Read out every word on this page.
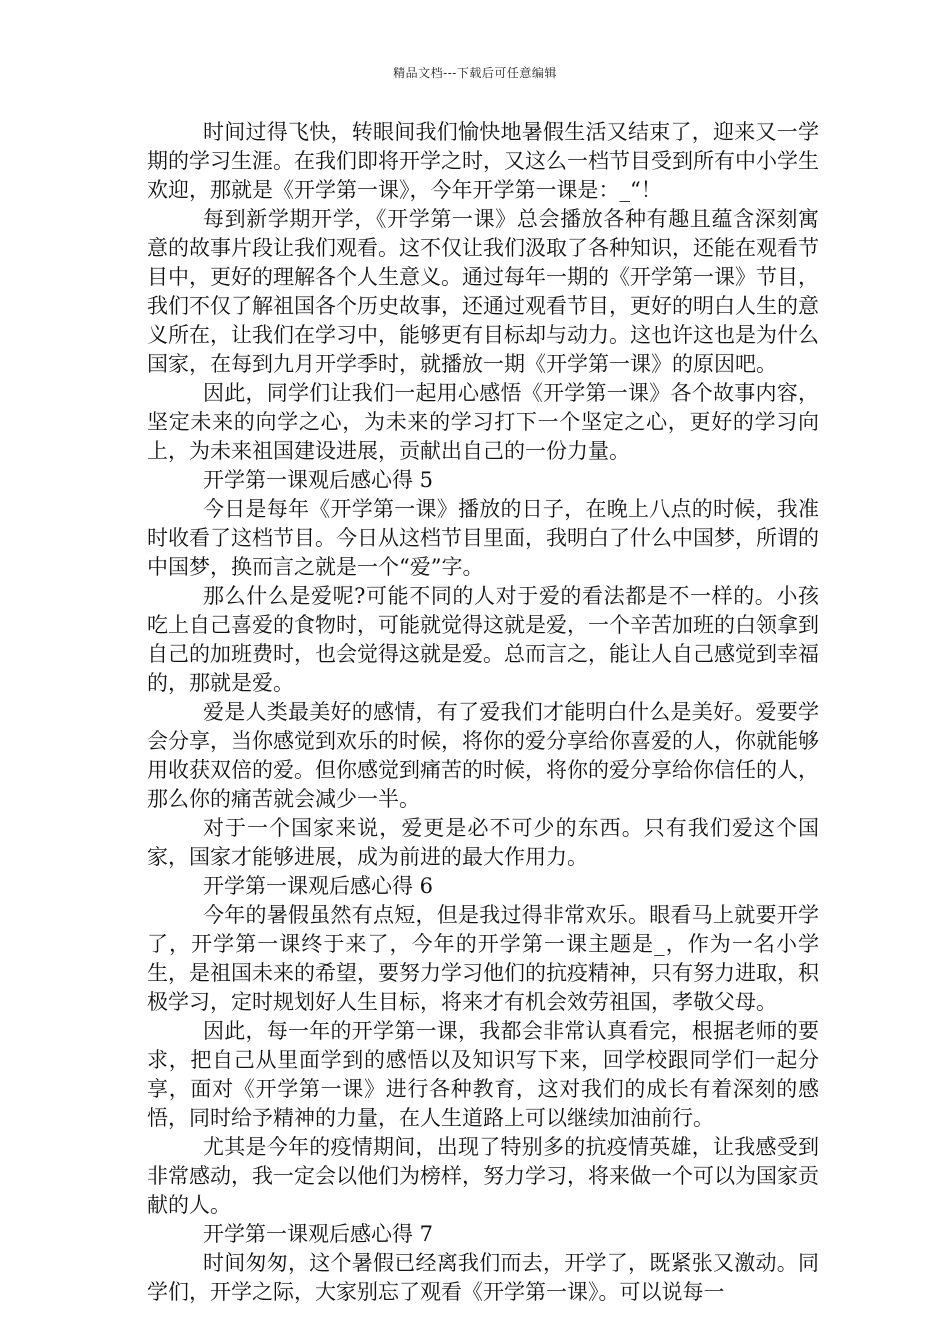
精品文档---下载后可任意编辑

时间过得飞快，转眼间我们愉快地暑假生活又结束了，迎来又一学期的学习生涯。在我们即将开学之时，又这么一档节目受到所有中小学生欢迎，那就是《开学第一课》，今年开学第一课是：_“！

每到新学期开学，《开学第一课》总会播放各种有趣且蕴含深刻寓意的故事片段让我们观看。这不仅让我们汲取了各种知识，还能在观看节目中，更好的理解各个人生意义。通过每年一期的《开学第一课》节目，我们不仅了解祖国各个历史故事，还通过观看节目，更好的明白人生的意义所在，让我们在学习中，能够更有目标却与动力。这也许这也是为什么国家，在每到九月开学季时，就播放一期《开学第一课》的原因吧。

因此，同学们让我们一起用心感悟《开学第一课》各个故事内容，坚定未来的向学之心，为未来的学习打下一个坚定之心，更好的学习向上，为未来祖国建设进展，贡献出自己的一份力量。

开学第一课观后感心得 5

今日是每年《开学第一课》播放的日子，在晚上八点的时候，我准时收看了这档节目。今日从这档节目里面，我明白了什么中国梦，所谓的中国梦，换而言之就是一个“爱”字。

那么什么是爱呢?可能不同的人对于爱的看法都是不一样的。小孩吃上自己喜爱的食物时，可能就觉得这就是爱，一个辛苦加班的白领拿到自己的加班费时，也会觉得这就是爱。总而言之，能让人自己感觉到幸福的，那就是爱。

爱是人类最美好的感情，有了爱我们才能明白什么是美好。爱要学会分享，当你感觉到欢乐的时候，将你的爱分享给你喜爱的人，你就能够用收获双倍的爱。但你感觉到痛苦的时候，将你的爱分享给你信任的人，那么你的痛苦就会减少一半。

对于一个国家来说，爱更是必不可少的东西。只有我们爱这个国家，国家才能够进展，成为前进的最大作用力。

开学第一课观后感心得 6

今年的暑假虽然有点短，但是我过得非常欢乐。眼看马上就要开学了，开学第一课终于来了，今年的开学第一课主题是_，作为一名小学生，是祖国未来的希望，要努力学习他们的抗疫精神，只有努力进取，积极学习，定时规划好人生目标，将来才有机会效劳祖国，孝敬父母。

因此，每一年的开学第一课，我都会非常认真看完，根据老师的要求，把自己从里面学到的感悟以及知识写下来，回学校跟同学们一起分享，面对《开学第一课》进行各种教育，这对我们的成长有着深刻的感悟，同时给予精神的力量，在人生道路上可以继续加油前行。

尤其是今年的疫情期间，出现了特别多的抗疫情英雄，让我感受到非常感动，我一定会以他们为榜样，努力学习，将来做一个可以为国家贡献的人。

开学第一课观后感心得 7

时间匆匆，这个暑假已经离我们而去，开学了，既紧张又激动。同学们，开学之际，大家别忘了观看《开学第一课》。可以说每一
